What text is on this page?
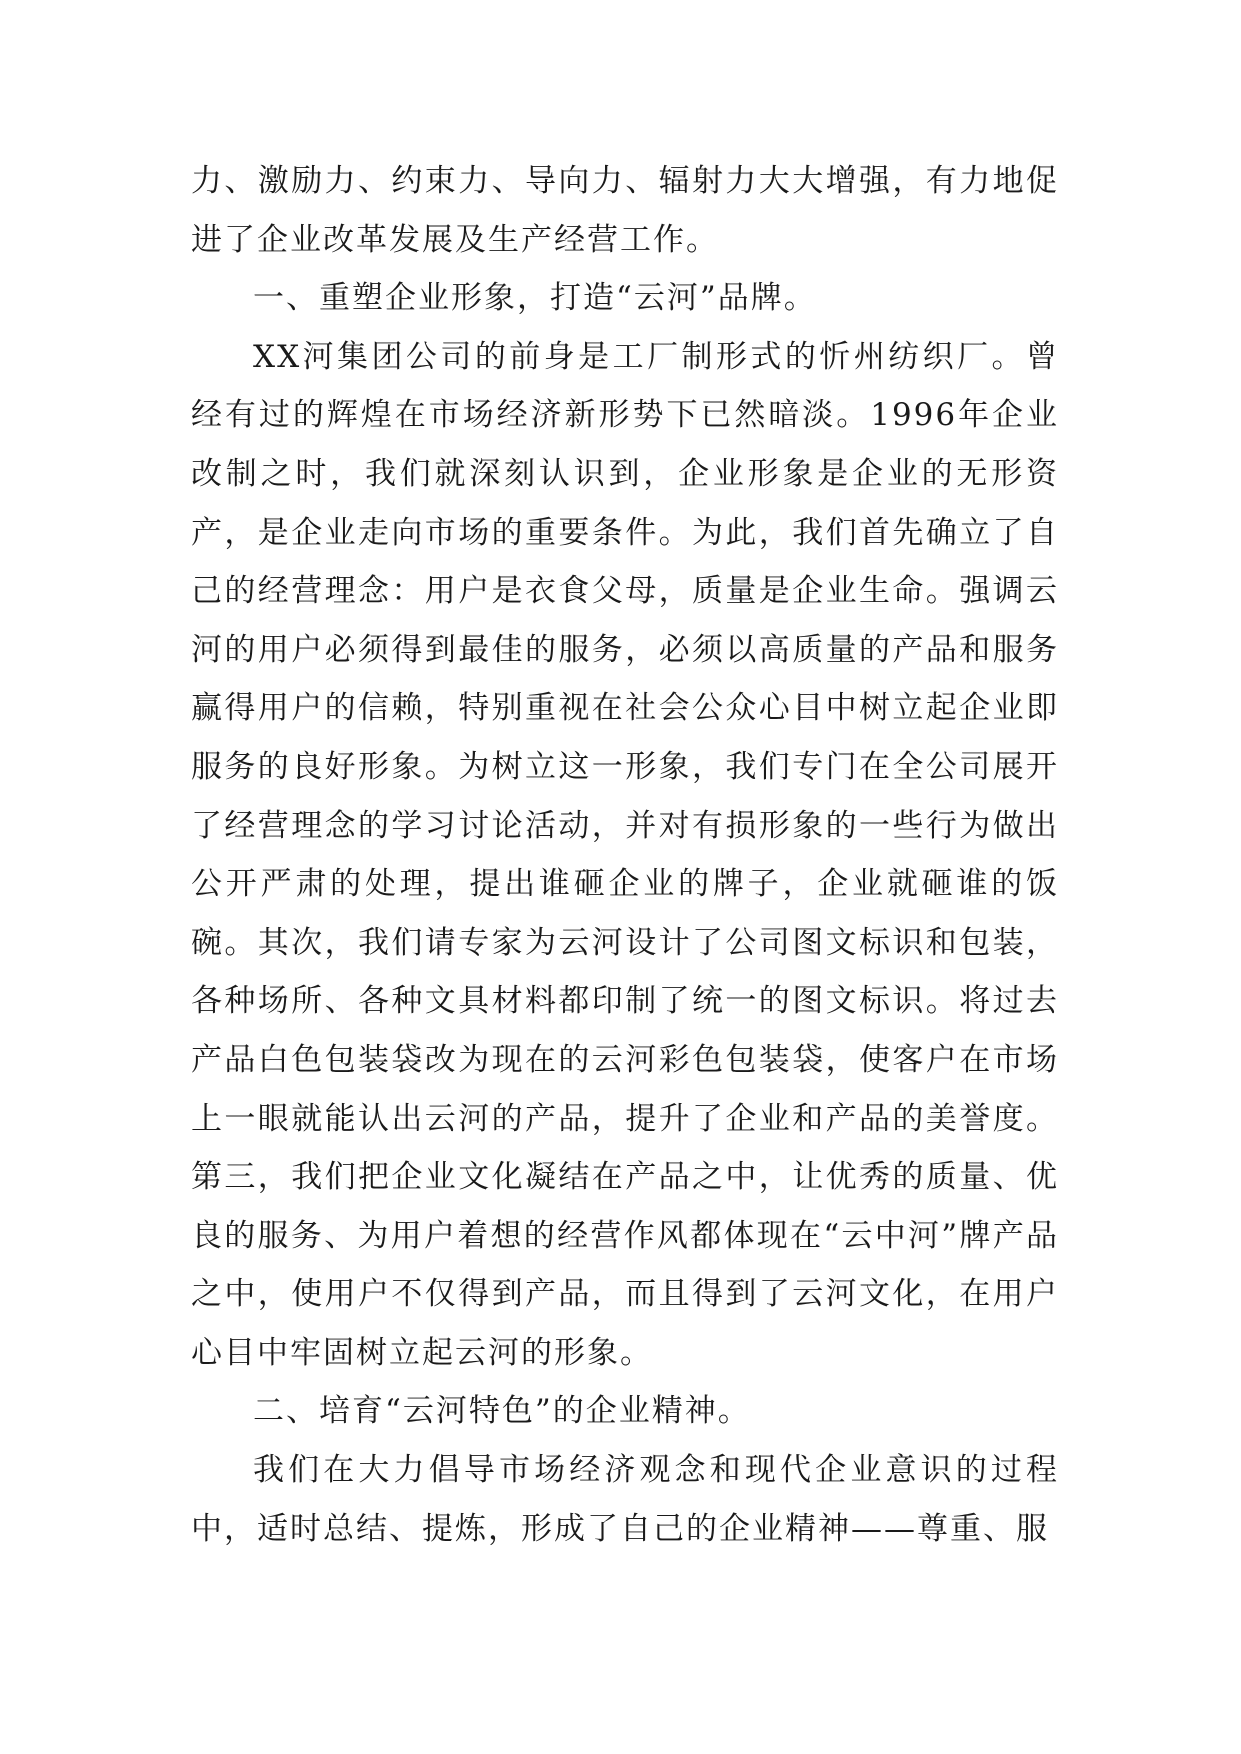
力、激励力、约束力、导向力、辐射力大大增强，有力地促进了企业改革发展及生产经营工作。

一、重塑企业形象，打造“云河”品牌。

XX河集团公司的前身是工厂制形式的忻州纺织厂。曾经有过的辉煌在市场经济新形势下已然暗淡。1996年企业改制之时，我们就深刻认识到，企业形象是企业的无形资产，是企业走向市场的重要条件。为此，我们首先确立了自己的经营理念：用户是衣食父母，质量是企业生命。强调云河的用户必须得到最佳的服务，必须以高质量的产品和服务赢得用户的信赖，特别重视在社会公众心目中树立起企业即服务的良好形象。为树立这一形象，我们专门在全公司展开了经营理念的学习讨论活动，并对有损形象的一些行为做出公开严肃的处理，提出谁砸企业的牌子，企业就砸谁的饭碗。其次，我们请专家为云河设计了公司图文标识和包装，各种场所、各种文具材料都印制了统一的图文标识。将过去产品白色包装袋改为现在的云河彩色包装袋，使客户在市场上一眼就能认出云河的产品，提升了企业和产品的美誉度。第三，我们把企业文化凝结在产品之中，让优秀的质量、优良的服务、为用户着想的经营作风都体现在“云中河”牌产品之中，使用户不仅得到产品，而且得到了云河文化，在用户心目中牢固树立起云河的形象。

二、培育“云河特色”的企业精神。

我们在大力倡导市场经济观念和现代企业意识的过程中，适时总结、提炼，形成了自己的企业精神——尊重、服
